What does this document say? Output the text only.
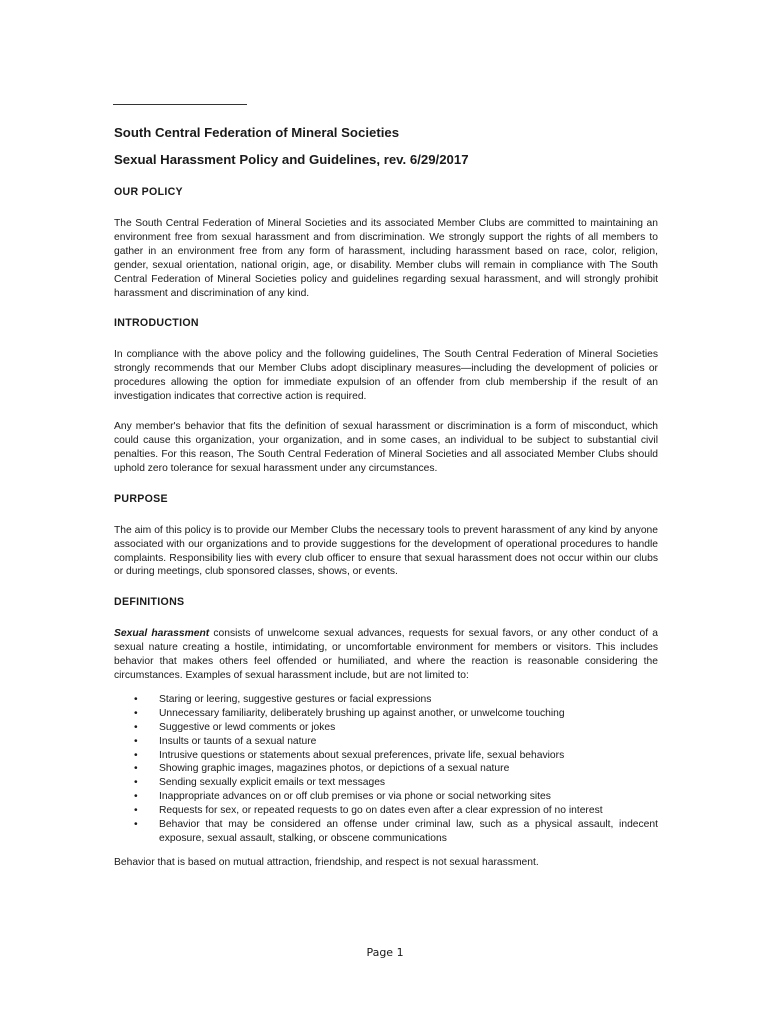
South Central Federation of Mineral Societies
Sexual Harassment Policy and Guidelines, rev. 6/29/2017
OUR POLICY

The South Central Federation of Mineral Societies and its associated Member Clubs are committed to maintaining an environment free from sexual harassment and from discrimination. We strongly support the rights of all members to gather in an environment free from any form of harassment, including harassment based on race, color, religion, gender, sexual orientation, national origin, age, or disability. Member clubs will remain in compliance with The South Central Federation of Mineral Societies policy and guidelines regarding sexual harassment, and will strongly prohibit harassment and discrimination of any kind.

INTRODUCTION

In compliance with the above policy and the following guidelines, The South Central Federation of Mineral Societies strongly recommends that our Member Clubs adopt disciplinary measures—including the development of policies or procedures allowing the option for immediate expulsion of an offender from club membership if the result of an investigation indicates that corrective action is required.

Any member's behavior that fits the definition of sexual harassment or discrimination is a form of misconduct, which could cause this organization, your organization, and in some cases, an individual to be subject to substantial civil penalties. For this reason, The South Central Federation of Mineral Societies and all associated Member Clubs should uphold zero tolerance for sexual harassment under any circumstances.

PURPOSE

The aim of this policy is to provide our Member Clubs the necessary tools to prevent harassment of any kind by anyone associated with our organizations and to provide suggestions for the development of operational procedures to handle complaints. Responsibility lies with every club officer to ensure that sexual harassment does not occur within our clubs or during meetings, club sponsored classes, shows, or events.

DEFINITIONS

Sexual harassment consists of unwelcome sexual advances, requests for sexual favors, or any other conduct of a sexual nature creating a hostile, intimidating, or uncomfortable environment for members or visitors. This includes behavior that makes others feel offended or humiliated, and where the reaction is reasonable considering the circumstances. Examples of sexual harassment include, but are not limited to:

• Staring or leering, suggestive gestures or facial expressions
• Unnecessary familiarity, deliberately brushing up against another, or unwelcome touching
• Suggestive or lewd comments or jokes
• Insults or taunts of a sexual nature
• Intrusive questions or statements about sexual preferences, private life, sexual behaviors
• Showing graphic images, magazines photos, or depictions of a sexual nature
• Sending sexually explicit emails or text messages
• Inappropriate advances on or off club premises or via phone or social networking sites
• Requests for sex, or repeated requests to go on dates even after a clear expression of no interest
• Behavior that may be considered an offense under criminal law, such as a physical assault, indecent exposure, sexual assault, stalking, or obscene communications

Behavior that is based on mutual attraction, friendship, and respect is not sexual harassment.

Page 1
